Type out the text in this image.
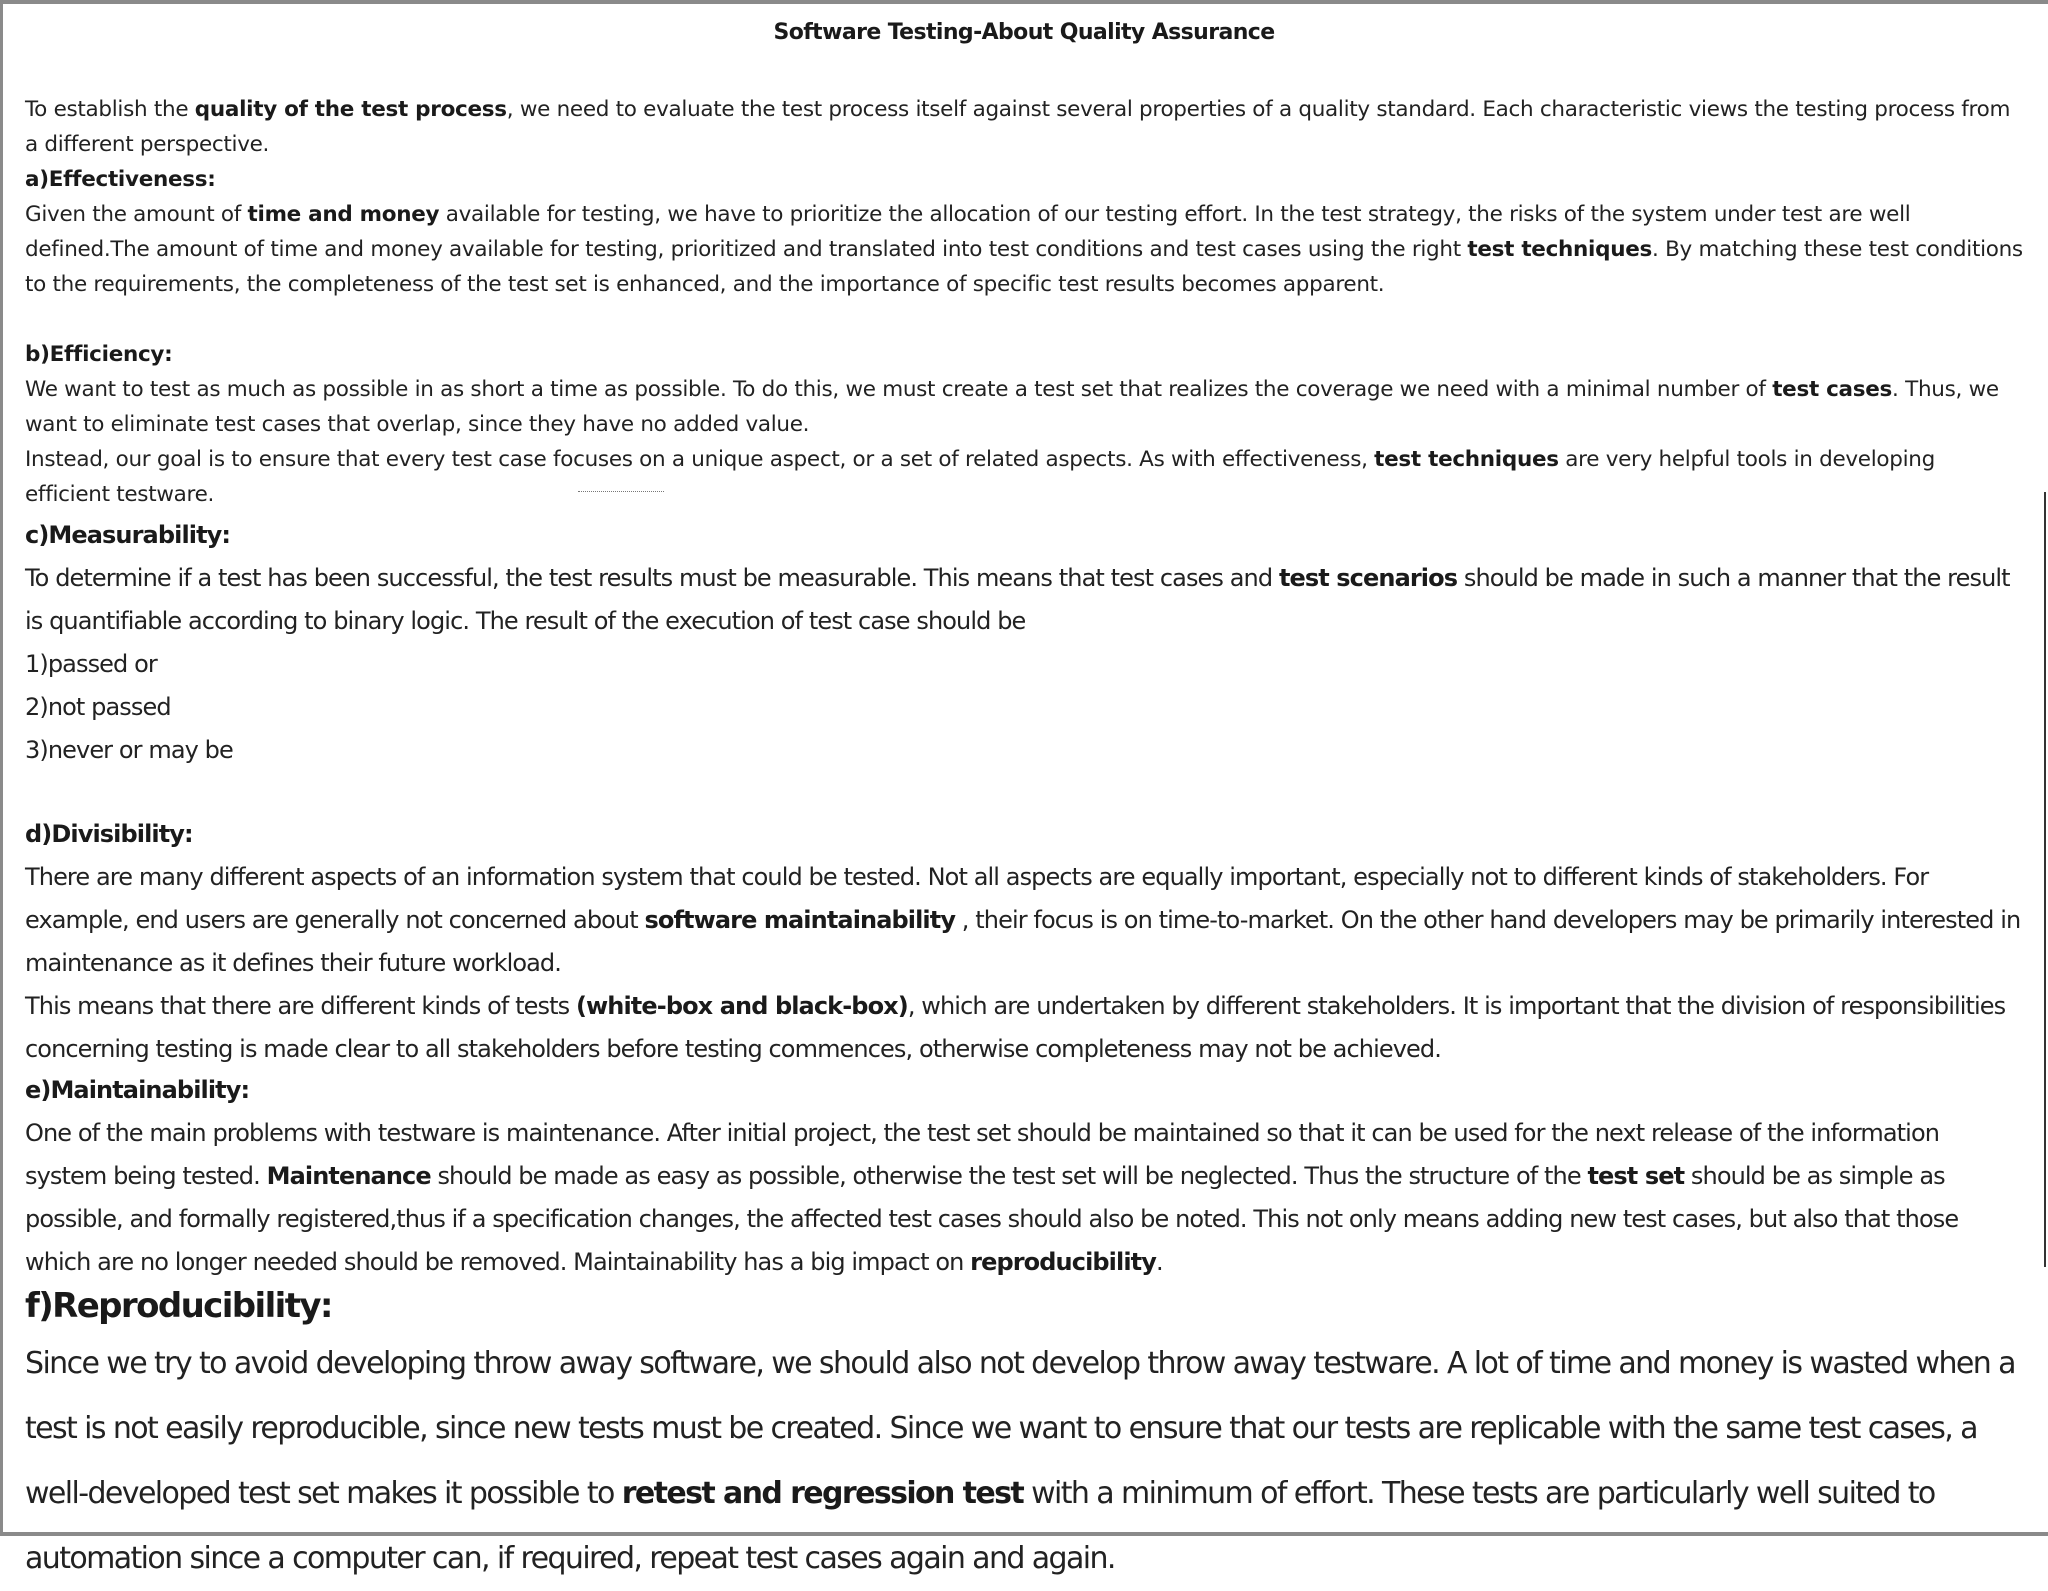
Software Testing-About Quality Assurance

To establish the quality of the test process, we need to evaluate the test process itself against several properties of a quality standard. Each characteristic views the testing process from a different perspective.

a)Effectiveness:

Given the amount of time and money available for testing, we have to prioritize the allocation of our testing effort. In the test strategy, the risks of the system under test are well defined.The amount of time and money available for testing, prioritized and translated into test conditions and test cases using the right test techniques. By matching these test conditions to the requirements, the completeness of the test set is enhanced, and the importance of specific test results becomes apparent.

b)Efficiency:

We want to test as much as possible in as short a time as possible. To do this, we must create a test set that realizes the coverage we need with a minimal number of test cases. Thus, we want to eliminate test cases that overlap, since they have no added value.

Instead, our goal is to ensure that every test case focuses on a unique aspect, or a set of related aspects. As with effectiveness, test techniques are very helpful tools in developing efficient testware.

c)Measurability:

To determine if a test has been successful, the test results must be measurable. This means that test cases and test scenarios should be made in such a manner that the result is quantifiable according to binary logic. The result of the execution of test case should be

1)passed or
2)not passed
3)never or may be
d)Divisibility:

There are many different aspects of an information system that could be tested. Not all aspects are equally important, especially not to different kinds of stakeholders. For example, end users are generally not concerned about software maintainability , their focus is on time-to-market. On the other hand developers may be primarily interested in maintenance as it defines their future workload.

This means that there are different kinds of tests (white-box and black-box), which are undertaken by different stakeholders. It is important that the division of responsibilities concerning testing is made clear to all stakeholders before testing commences, otherwise completeness may not be achieved.

e)Maintainability:

One of the main problems with testware is maintenance. After initial project, the test set should be maintained so that it can be used for the next release of the information system being tested. Maintenance should be made as easy as possible, otherwise the test set will be neglected. Thus the structure of the test set should be as simple as possible, and formally registered,thus if a specification changes, the affected test cases should also be noted. This not only means adding new test cases, but also that those which are no longer needed should be removed. Maintainability has a big impact on reproducibility.

f)Reproducibility:

Since we try to avoid developing throw away software, we should also not develop throw away testware. A lot of time and money is wasted when a test is not easily reproducible, since new tests must be created. Since we want to ensure that our tests are replicable with the same test cases, a well-developed test set makes it possible to retest and regression test with a minimum of effort. These tests are particularly well suited to automation since a computer can, if required, repeat test cases again and again.
